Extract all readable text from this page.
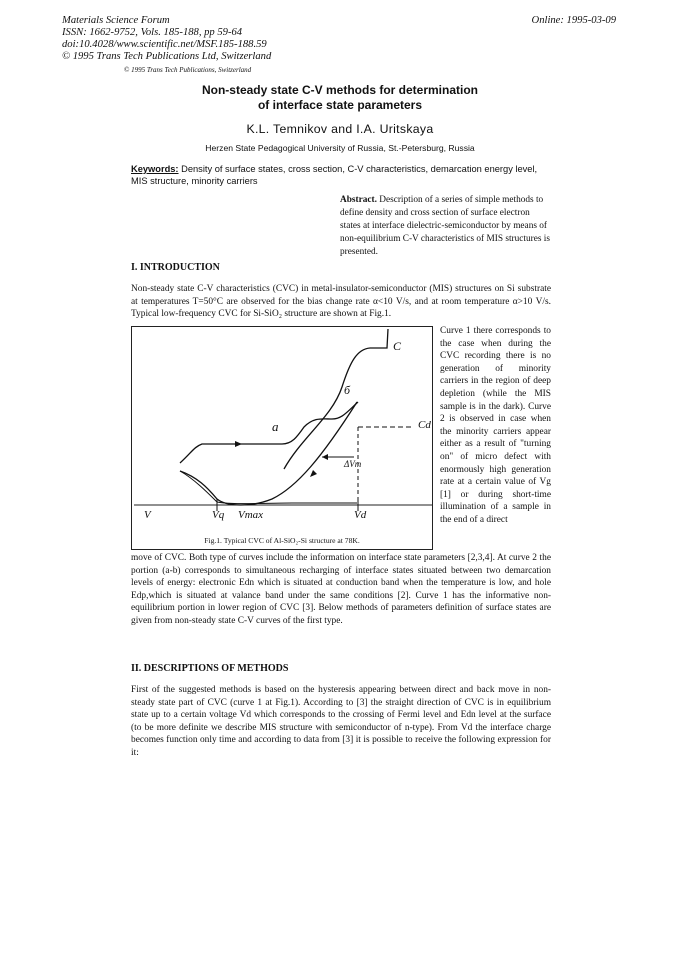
Materials Science Forum
ISSN: 1662-9752, Vols. 185-188, pp 59-64
doi:10.4028/www.scientific.net/MSF.185-188.59
© 1995 Trans Tech Publications Ltd, Switzerland
Online: 1995-03-09
© 1995 Trans Tech Publications, Switzerland
Non-steady state C-V methods for determination
of interface state parameters
K.L. Temnikov and I.A. Uritskaya
Herzen State Pedagogical University of Russia, St.-Petersburg, Russia
Keywords: Density of surface states, cross section, C-V characteristics, demarcation energy level, MIS structure, minority carriers
Abstract. Description of a series of simple methods to define density and cross section of surface electron states at interface dielectric-semiconductor by means of non-equilibrium C-V characteristics of MIS structures is presented.
I. INTRODUCTION
Non-steady state C-V characteristics (CVC) in metal-insulator-semiconductor (MIS) structures on Si substrate at temperatures T=50°C are observed for the bias change rate α<10 V/s, and at room temperature α>10 V/s. Typical low-frequency CVC for Si-SiO₂ structure are shown at Fig.1.
C
Cd
a
б
ΔVm
V	Vq Vmax	Vd
Fig.1. Typical CVC of Al-SiO₂-Si structure at 78K.
Curve 1 there corresponds to the case when during the CVC recording there is no generation of minority carriers in the region of deep depletion (while the MIS sample is in the dark). Curve 2 is observed in case when the minority carriers appear either as a result of "turning on" of micro defect with enormously high generation rate at a certain value of Vg [1] or during short-time illumination of a sample in the end of a direct
move of CVC. Both type of curves include the information on interface state parameters [2,3,4]. At curve 2 the portion (a-b) corresponds to simultaneous recharging of interface states situated between two demarcation levels of energy: electronic Edn which is situated at conduction band when the temperature is low, and hole Edp,which is situated at valance band under the same conditions [2]. Curve 1 has the informative non-equilibrium portion in lower region of CVC [3]. Below methods of parameters definition of surface states are given from non-steady state C-V curves of the first type.
II. DESCRIPTIONS OF METHODS
First of the suggested methods is based on the hysteresis appearing between direct and back move in non-steady state part of CVC (curve 1 at Fig.1). According to [3] the straight direction of CVC is in equilibrium state up to a certain voltage Vd which corresponds to the crossing of Fermi level and Edn level at the surface (to be more definite we describe MIS structure with semiconductor of n-type). From Vd the interface charge becomes function only time and according to data from [3] it is possible to receive the following expression for it:
